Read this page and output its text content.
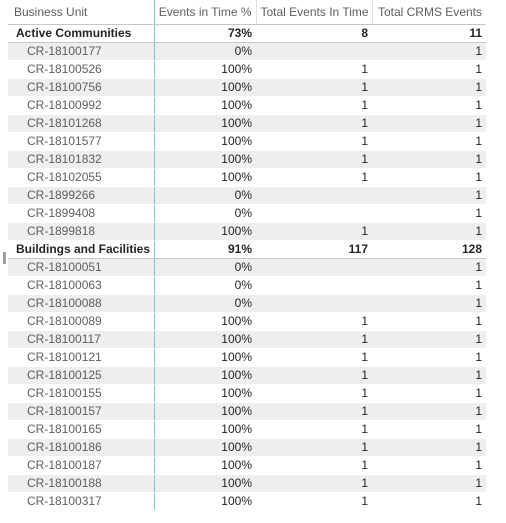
Business Unit	Events in Time %	Total Events In Time	Total CRMS Events
Active Communities	73%	8	11
CR-18100177	0%		1
CR-18100526	100%	1	1
CR-18100756	100%	1	1
CR-18100992	100%	1	1
CR-18101268	100%	1	1
CR-18101577	100%	1	1
CR-18101832	100%	1	1
CR-18102055	100%	1	1
CR-1899266	0%		1
CR-1899408	0%		1
CR-1899818	100%	1	1
Buildings and Facilities	91%	117	128
CR-18100051	0%		1
CR-18100063	0%		1
CR-18100088	0%		1
CR-18100089	100%	1	1
CR-18100117	100%	1	1
CR-18100121	100%	1	1
CR-18100125	100%	1	1
CR-18100155	100%	1	1
CR-18100157	100%	1	1
CR-18100165	100%	1	1
CR-18100186	100%	1	1
CR-18100187	100%	1	1
CR-18100188	100%	1	1
CR-18100317	100%	1	1
